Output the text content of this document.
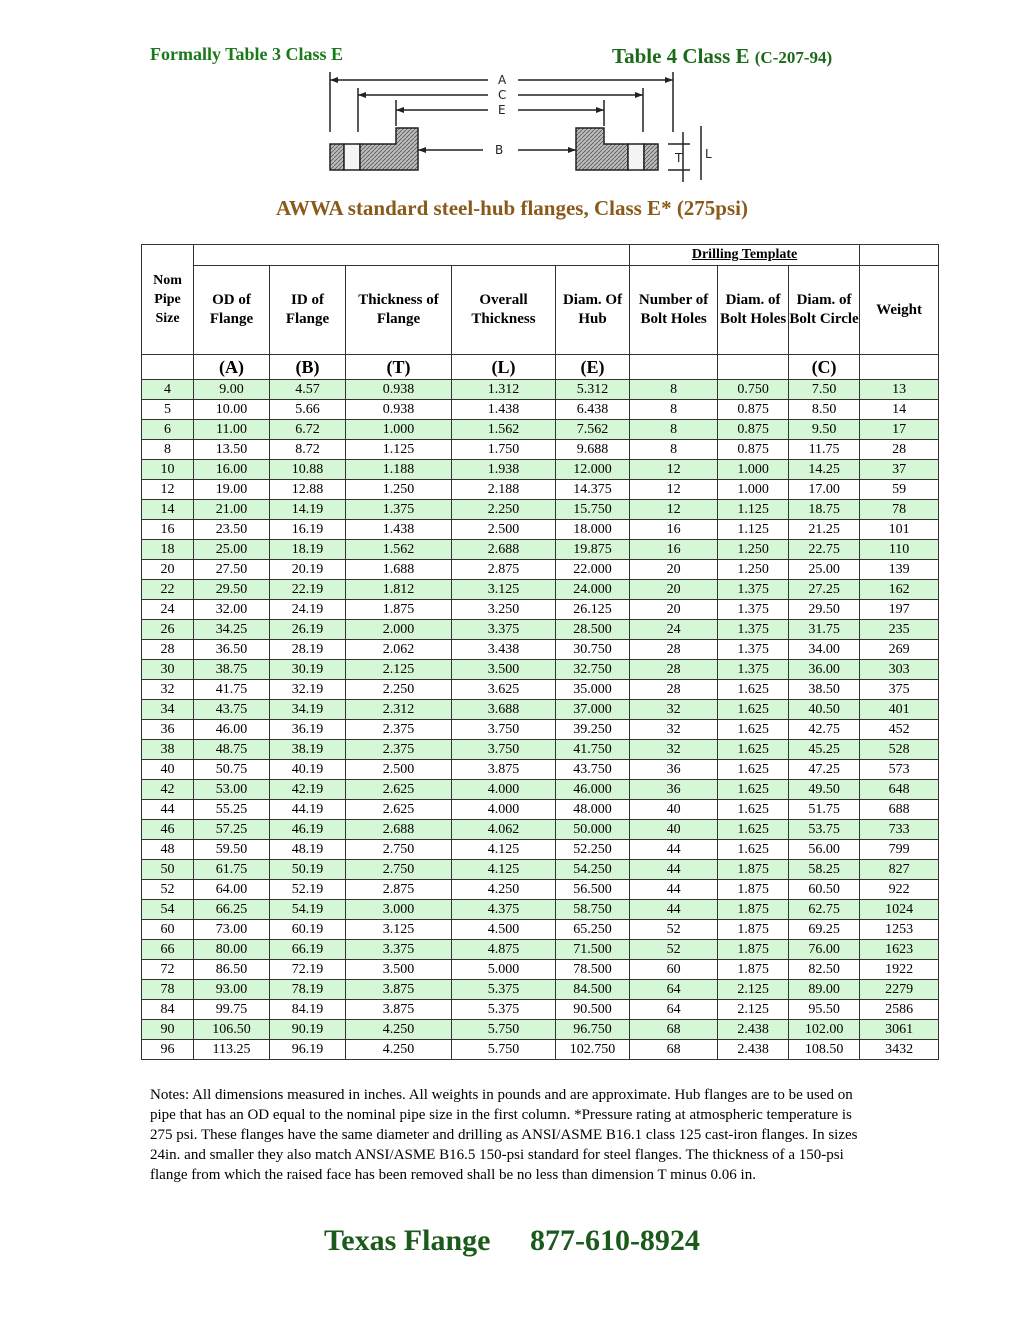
Formally Table 3 Class E	Table 4 Class E (C-207-94)
A
C
E
B
T L
AWWA standard steel-hub flanges, Class E* (275psi)
Nom Pipe Size						Drilling Template			
	OD of Flange	ID of Flange	Thickness of Flange	Overall Thickness	Diam. Of Hub	Number of Bolt Holes	Diam. of Bolt Holes	Diam. of Bolt Circle	Weight
	(A)	(B)	(T)	(L)	(E)			(C)	
4	9.00	4.57	0.938	1.312	5.312	8	0.750	7.50	13
5	10.00	5.66	0.938	1.438	6.438	8	0.875	8.50	14
6	11.00	6.72	1.000	1.562	7.562	8	0.875	9.50	17
8	13.50	8.72	1.125	1.750	9.688	8	0.875	11.75	28
10	16.00	10.88	1.188	1.938	12.000	12	1.000	14.25	37
12	19.00	12.88	1.250	2.188	14.375	12	1.000	17.00	59
14	21.00	14.19	1.375	2.250	15.750	12	1.125	18.75	78
16	23.50	16.19	1.438	2.500	18.000	16	1.125	21.25	101
18	25.00	18.19	1.562	2.688	19.875	16	1.250	22.75	110
20	27.50	20.19	1.688	2.875	22.000	20	1.250	25.00	139
22	29.50	22.19	1.812	3.125	24.000	20	1.375	27.25	162
24	32.00	24.19	1.875	3.250	26.125	20	1.375	29.50	197
26	34.25	26.19	2.000	3.375	28.500	24	1.375	31.75	235
28	36.50	28.19	2.062	3.438	30.750	28	1.375	34.00	269
30	38.75	30.19	2.125	3.500	32.750	28	1.375	36.00	303
32	41.75	32.19	2.250	3.625	35.000	28	1.625	38.50	375
34	43.75	34.19	2.312	3.688	37.000	32	1.625	40.50	401
36	46.00	36.19	2.375	3.750	39.250	32	1.625	42.75	452
38	48.75	38.19	2.375	3.750	41.750	32	1.625	45.25	528
40	50.75	40.19	2.500	3.875	43.750	36	1.625	47.25	573
42	53.00	42.19	2.625	4.000	46.000	36	1.625	49.50	648
44	55.25	44.19	2.625	4.000	48.000	40	1.625	51.75	688
46	57.25	46.19	2.688	4.062	50.000	40	1.625	53.75	733
48	59.50	48.19	2.750	4.125	52.250	44	1.625	56.00	799
50	61.75	50.19	2.750	4.125	54.250	44	1.875	58.25	827
52	64.00	52.19	2.875	4.250	56.500	44	1.875	60.50	922
54	66.25	54.19	3.000	4.375	58.750	44	1.875	62.75	1024
60	73.00	60.19	3.125	4.500	65.250	52	1.875	69.25	1253
66	80.00	66.19	3.375	4.875	71.500	52	1.875	76.00	1623
72	86.50	72.19	3.500	5.000	78.500	60	1.875	82.50	1922
78	93.00	78.19	3.875	5.375	84.500	64	2.125	89.00	2279
84	99.75	84.19	3.875	5.375	90.500	64	2.125	95.50	2586
90	106.50	90.19	4.250	5.750	96.750	68	2.438	102.00	3061
96	113.25	96.19	4.250	5.750	102.750	68	2.438	108.50	3432
Notes: All dimensions measured in inches. All weights in pounds and are approximate. Hub flanges are to be used on pipe that has an OD equal to the nominal pipe size in the first column. *Pressure rating at atmospheric temperature is 275 psi. These flanges have the same diameter and drilling as ANSI/ASME B16.1 class 125 cast-iron flanges. In sizes 24in. and smaller they also match ANSI/ASME B16.5 150-psi standard for steel flanges. The thickness of a 150-psi flange from which the raised face has been removed shall be no less than dimension T minus 0.06 in.
Texas Flange 877-610-8924
